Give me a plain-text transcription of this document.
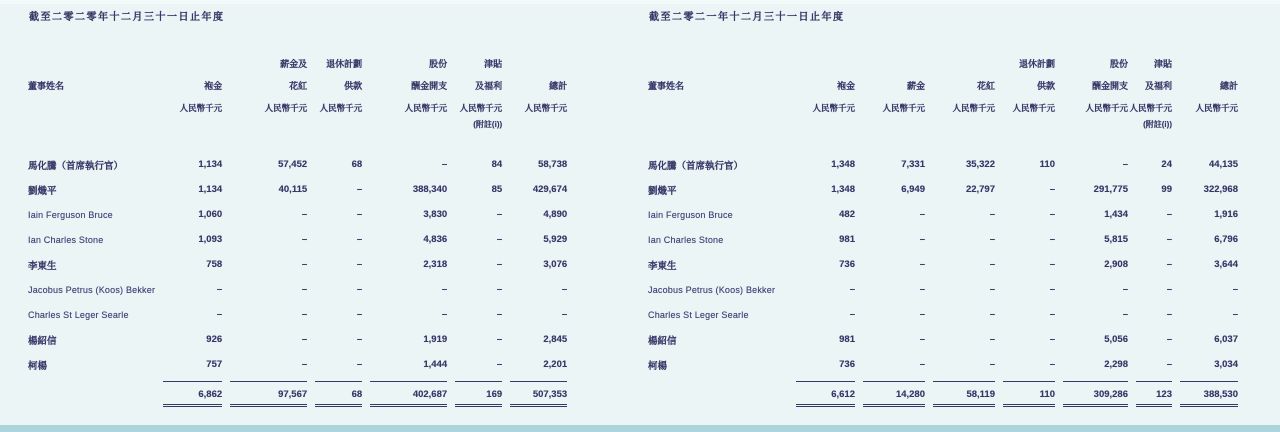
截至二零二零年十二月三十一日止年度
		薪金及	退休計劃	股份	津貼	
董事姓名	袍金	花紅	供款	酬金開支	及福利	總計
	人民幣千元	人民幣千元	人民幣千元	人民幣千元	人民幣千元	人民幣千元
					(附註(i))	

馬化騰（首席執行官）	1,134	57,452	68	–	84	58,738
劉熾平	1,134	40,115	–	388,340	85	429,674
Iain Ferguson Bruce	1,060	–	–	3,830	–	4,890
Ian Charles Stone	1,093	–	–	4,836	–	5,929
李東生	758	–	–	2,318	–	3,076
Jacobus Petrus (Koos) Bekker	–	–	–	–	–	–
Charles St Leger Searle	–	–	–	–	–	–
楊紹信	926	–	–	1,919	–	2,845
柯楊	757	–	–	1,444	–	2,201

	6,862	97,567	68	402,687	169	507,353
截至二零二一年十二月三十一日止年度
				退休計劃	股份	津貼	
董事姓名	袍金	薪金	花紅	供款	酬金開支	及福利	總計
	人民幣千元	人民幣千元	人民幣千元	人民幣千元	人民幣千元	人民幣千元	人民幣千元
						(附註(i))	

馬化騰（首席執行官）	1,348	7,331	35,322	110	–	24	44,135
劉熾平	1,348	6,949	22,797	–	291,775	99	322,968
Iain Ferguson Bruce	482	–	–	–	1,434	–	1,916
Ian Charles Stone	981	–	–	–	5,815	–	6,796
李東生	736	–	–	–	2,908	–	3,644
Jacobus Petrus (Koos) Bekker	–	–	–	–	–	–	–
Charles St Leger Searle	–	–	–	–	–	–	–
楊紹信	981	–	–	–	5,056	–	6,037
柯楊	736	–	–	–	2,298	–	3,034

	6,612	14,280	58,119	110	309,286	123	388,530
